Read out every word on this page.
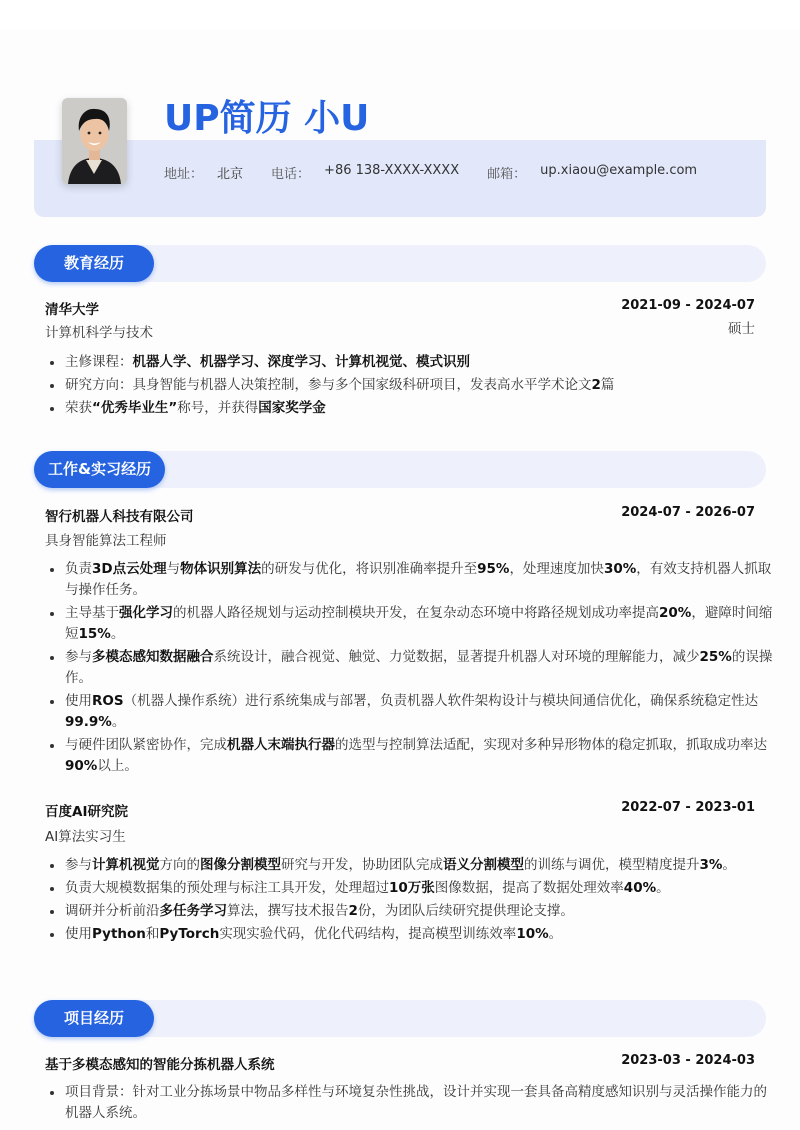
UP简历 小U
地址： 北京 电话： +86 138-XXXX-XXXX 邮箱： up.xiaou@example.com
教育经历
清华大学	2021-09 - 2024-07
计算机科学与技术	硕士
主修课程：机器人学、机器学习、深度学习、计算机视觉、模式识别
研究方向：具身智能与机器人决策控制，参与多个国家级科研项目，发表高水平学术论文2篇
荣获“优秀毕业生”称号，并获得国家奖学金
工作&实习经历
智行机器人科技有限公司	2024-07 - 2026-07
具身智能算法工程师
负责3D点云处理与物体识别算法的研发与优化，将识别准确率提升至95%，处理速度加快30%，有效支持机器人抓取与操作任务。
主导基于强化学习的机器人路径规划与运动控制模块开发，在复杂动态环境中将路径规划成功率提高20%，避障时间缩短15%。
参与多模态感知数据融合系统设计，融合视觉、触觉、力觉数据，显著提升机器人对环境的理解能力，减少25%的误操作。
使用ROS（机器人操作系统）进行系统集成与部署，负责机器人软件架构设计与模块间通信优化，确保系统稳定性达99.9%。
与硬件团队紧密协作，完成机器人末端执行器的选型与控制算法适配，实现对多种异形物体的稳定抓取，抓取成功率达90%以上。
百度AI研究院	2022-07 - 2023-01
AI算法实习生
参与计算机视觉方向的图像分割模型研究与开发，协助团队完成语义分割模型的训练与调优，模型精度提升3%。
负责大规模数据集的预处理与标注工具开发，处理超过10万张图像数据，提高了数据处理效率40%。
调研并分析前沿多任务学习算法，撰写技术报告2份，为团队后续研究提供理论支撑。
使用Python和PyTorch实现实验代码，优化代码结构，提高模型训练效率10%。
项目经历
基于多模态感知的智能分拣机器人系统	2023-03 - 2024-03
项目背景：针对工业分拣场景中物品多样性与环境复杂性挑战，设计并实现一套具备高精度感知识别与灵活操作能力的机器人系统。
